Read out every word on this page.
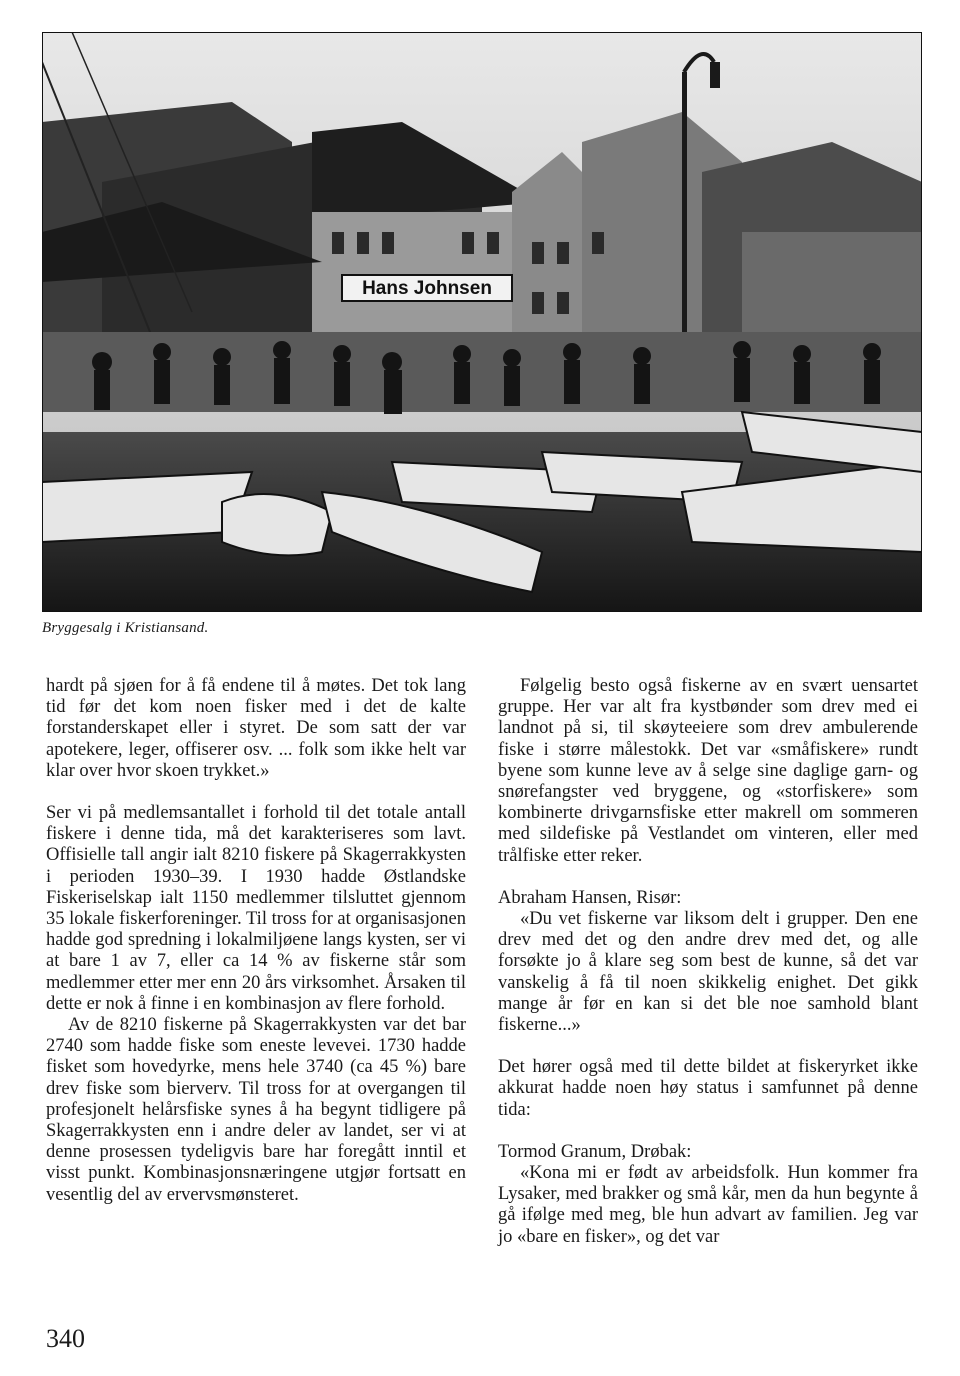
Hans Johnsen
Bryggesalg i Kristiansand.

hardt på sjøen for å få endene til å møtes. Det tok lang tid før det kom noen fisker med i det de kalte forstanderskapet eller i styret. De som satt der var apotekere, leger, offiserer osv. ... folk som ikke helt var klar over hvor skoen trykket.»

Ser vi på medlemsantallet i forhold til det totale antall fiskere i denne tida, må det karakteriseres som lavt. Offisielle tall angir ialt 8210 fiskere på Skagerrakkysten i perioden 1930–39. I 1930 hadde Østlandske Fiskeriselskap ialt 1150 medlemmer tilsluttet gjennom 35 lokale fiskerforeninger. Til tross for at organisasjonen hadde god spredning i lokalmiljøene langs kysten, ser vi at bare 1 av 7, eller ca 14 % av fiskerne står som medlemmer etter mer enn 20 års virksomhet. Årsaken til dette er nok å finne i en kombinasjon av flere forhold.

Av de 8210 fiskerne på Skagerrakkysten var det bar 2740 som hadde fiske som eneste levevei. 1730 hadde fisket som hovedyrke, mens hele 3740 (ca 45 %) bare drev fiske som bierverv. Til tross for at overgangen til profesjonelt helårsfiske synes å ha begynt tidligere på Skagerrakkysten enn i andre deler av landet, ser vi at denne prosessen tydeligvis bare har foregått inntil et visst punkt. Kombinasjonsnæringene utgjør fortsatt en vesentlig del av ervervsmønsteret.

Følgelig besto også fiskerne av en svært uensartet gruppe. Her var alt fra kystbønder som drev med ei landnot på si, til skøyteeiere som drev ambulerende fiske i større målestokk. Det var «småfiskere» rundt byene som kunne leve av å selge sine daglige garn- og snørefangster ved bryggene, og «storfiskere» som kombinerte drivgarnsfiske etter makrell om sommeren med sildefiske på Vestlandet om vinteren, eller med trålfiske etter reker.

Abraham Hansen, Risør:

«Du vet fiskerne var liksom delt i grupper. Den ene drev med det og den andre drev med det, og alle forsøkte jo å klare seg som best de kunne, så det var vanskelig å få til noen skikkelig enighet. Det gikk mange år før en kan si det ble noe samhold blant fiskerne...»

Det hører også med til dette bildet at fiskeryrket ikke akkurat hadde noen høy status i samfunnet på denne tida:

Tormod Granum, Drøbak:

«Kona mi er født av arbeidsfolk. Hun kommer fra Lysaker, med brakker og små kår, men da hun begynte å gå ifølge med meg, ble hun advart av familien. Jeg var jo «bare en fisker», og det var

340
